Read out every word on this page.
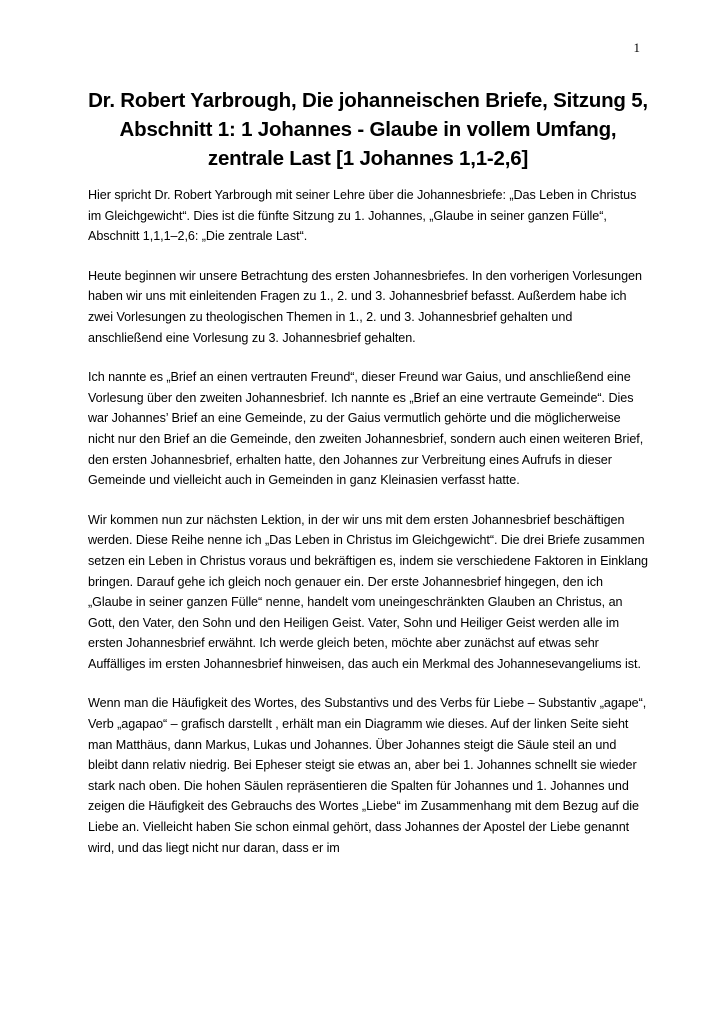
1
Dr. Robert Yarbrough, Die johanneischen Briefe, Sitzung 5, Abschnitt 1: 1 Johannes - Glaube in vollem Umfang, zentrale Last [1 Johannes 1,1-2,6]

Hier spricht Dr. Robert Yarbrough mit seiner Lehre über die Johannesbriefe: „Das Leben in Christus im Gleichgewicht“. Dies ist die fünfte Sitzung zu 1. Johannes, „Glaube in seiner ganzen Fülle“, Abschnitt 1,1,1–2,6: „Die zentrale Last“.

Heute beginnen wir unsere Betrachtung des ersten Johannesbriefes. In den vorherigen Vorlesungen haben wir uns mit einleitenden Fragen zu 1., 2. und 3. Johannesbrief befasst. Außerdem habe ich zwei Vorlesungen zu theologischen Themen in 1., 2. und 3. Johannesbrief gehalten und anschließend eine Vorlesung zu 3. Johannesbrief gehalten.

Ich nannte es „Brief an einen vertrauten Freund“, dieser Freund war Gaius, und anschließend eine Vorlesung über den zweiten Johannesbrief. Ich nannte es „Brief an eine vertraute Gemeinde“. Dies war Johannes’ Brief an eine Gemeinde, zu der Gaius vermutlich gehörte und die möglicherweise nicht nur den Brief an die Gemeinde, den zweiten Johannesbrief, sondern auch einen weiteren Brief, den ersten Johannesbrief, erhalten hatte, den Johannes zur Verbreitung eines Aufrufs in dieser Gemeinde und vielleicht auch in Gemeinden in ganz Kleinasien verfasst hatte.

Wir kommen nun zur nächsten Lektion, in der wir uns mit dem ersten Johannesbrief beschäftigen werden. Diese Reihe nenne ich „Das Leben in Christus im Gleichgewicht“. Die drei Briefe zusammen setzen ein Leben in Christus voraus und bekräftigen es, indem sie verschiedene Faktoren in Einklang bringen. Darauf gehe ich gleich noch genauer ein. Der erste Johannesbrief hingegen, den ich „Glaube in seiner ganzen Fülle“ nenne, handelt vom uneingeschränkten Glauben an Christus, an Gott, den Vater, den Sohn und den Heiligen Geist. Vater, Sohn und Heiliger Geist werden alle im ersten Johannesbrief erwähnt. Ich werde gleich beten, möchte aber zunächst auf etwas sehr Auffälliges im ersten Johannesbrief hinweisen, das auch ein Merkmal des Johannesevangeliums ist.

Wenn man die Häufigkeit des Wortes, des Substantivs und des Verbs für Liebe – Substantiv „agape“, Verb „agapao“ – grafisch darstellt , erhält man ein Diagramm wie dieses. Auf der linken Seite sieht man Matthäus, dann Markus, Lukas und Johannes. Über Johannes steigt die Säule steil an und bleibt dann relativ niedrig. Bei Epheser steigt sie etwas an, aber bei 1. Johannes schnellt sie wieder stark nach oben. Die hohen Säulen repräsentieren die Spalten für Johannes und 1. Johannes und zeigen die Häufigkeit des Gebrauchs des Wortes „Liebe“ im Zusammenhang mit dem Bezug auf die Liebe an. Vielleicht haben Sie schon einmal gehört, dass Johannes der Apostel der Liebe genannt wird, und das liegt nicht nur daran, dass er im
